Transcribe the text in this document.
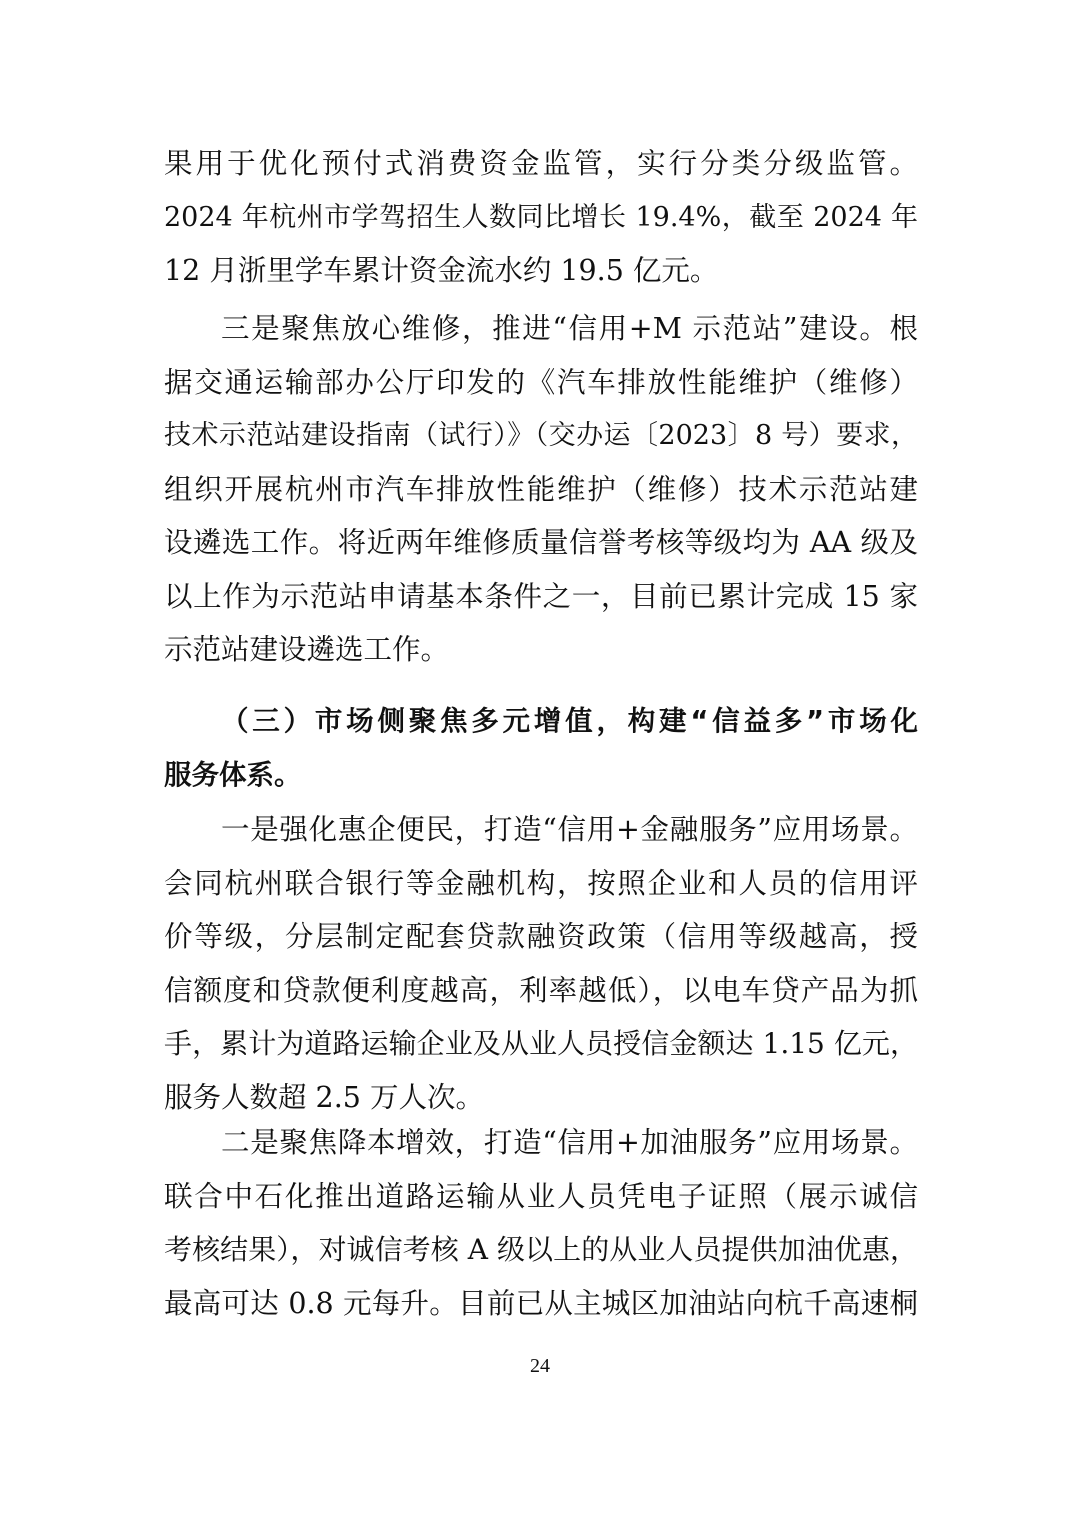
果用于优化预付式消费资金监管，实行分类分级监管。
2024 年杭州市学驾招生人数同比增长 19.4%，截至 2024 年
12 月浙里学车累计资金流水约 19.5 亿元。
三是聚焦放心维修，推进“信用+M 示范站”建设。根
据交通运输部办公厅印发的《汽车排放性能维护（维修）
技术示范站建设指南（试行）》（交办运〔2023〕8 号）要求，
组织开展杭州市汽车排放性能维护（维修）技术示范站建
设遴选工作。将近两年维修质量信誉考核等级均为 AA 级及
以上作为示范站申请基本条件之一，目前已累计完成 15 家
示范站建设遴选工作。
（三）市场侧聚焦多元增值，构建“信益多”市场化
服务体系。
一是强化惠企便民，打造“信用+金融服务”应用场景。
会同杭州联合银行等金融机构，按照企业和人员的信用评
价等级，分层制定配套贷款融资政策（信用等级越高，授
信额度和贷款便利度越高，利率越低），以电车贷产品为抓
手，累计为道路运输企业及从业人员授信金额达 1.15 亿元，
服务人数超 2.5 万人次。
二是聚焦降本增效，打造“信用+加油服务”应用场景。
联合中石化推出道路运输从业人员凭电子证照（展示诚信
考核结果），对诚信考核 A 级以上的从业人员提供加油优惠，
最高可达 0.8 元每升。目前已从主城区加油站向杭千高速桐
24
